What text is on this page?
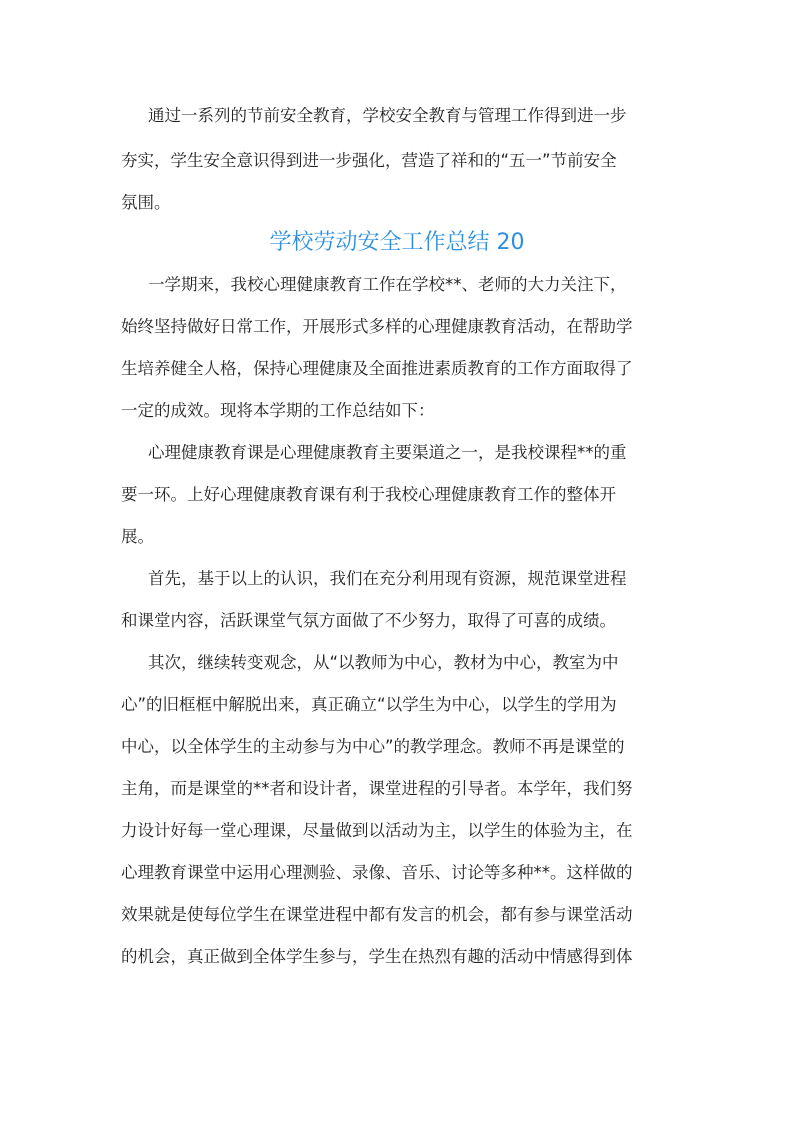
通过一系列的节前安全教育，学校安全教育与管理工作得到进一步
夯实，学生安全意识得到进一步强化，营造了祥和的“五一”节前安全
氛围。
学校劳动安全工作总结 20
一学期来，我校心理健康教育工作在学校**、老师的大力关注下，
始终坚持做好日常工作，开展形式多样的心理健康教育活动，在帮助学
生培养健全人格，保持心理健康及全面推进素质教育的工作方面取得了
一定的成效。现将本学期的工作总结如下：
心理健康教育课是心理健康教育主要渠道之一，是我校课程**的重
要一环。上好心理健康教育课有利于我校心理健康教育工作的整体开
展。
首先，基于以上的认识，我们在充分利用现有资源，规范课堂进程
和课堂内容，活跃课堂气氛方面做了不少努力，取得了可喜的成绩。
其次，继续转变观念，从“以教师为中心，教材为中心，教室为中
心”的旧框框中解脱出来，真正确立“以学生为中心，以学生的学用为
中心，以全体学生的主动参与为中心”的教学理念。教师不再是课堂的
主角，而是课堂的**者和设计者，课堂进程的引导者。本学年，我们努
力设计好每一堂心理课，尽量做到以活动为主，以学生的体验为主，在
心理教育课堂中运用心理测验、录像、音乐、讨论等多种**。这样做的
效果就是使每位学生在课堂进程中都有发言的机会，都有参与课堂活动
的机会，真正做到全体学生参与，学生在热烈有趣的活动中情感得到体
